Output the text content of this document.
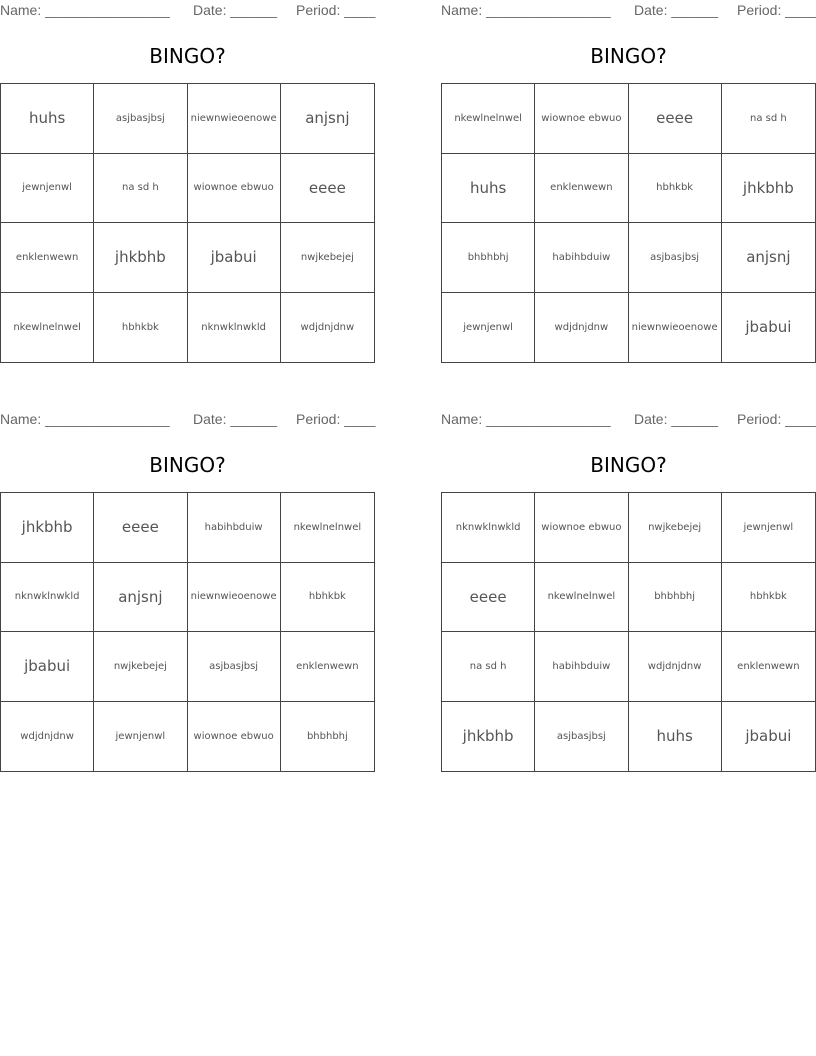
Name: ________________ Date: ______ Period: ____
BINGO?
huhs	asjbasjbsj	niewnwieoenowe	anjsnj
jewnjenwl	na sd h	wiownoe ebwuo	eeee
enklenwewn	jhkbhb	jbabui	nwjkebejej
nkewlnelnwel	hbhkbk	nknwklnwkld	wdjdnjdnw
Name: ________________ Date: ______ Period: ____
BINGO?
nkewlnelnwel	wiownoe ebwuo	eeee	na sd h
huhs	enklenwewn	hbhkbk	jhkbhb
bhbhbhj	habihbduiw	asjbasjbsj	anjsnj
jewnjenwl	wdjdnjdnw	niewnwieoenowe	jbabui
Name: ________________ Date: ______ Period: ____
BINGO?
jhkbhb	eeee	habihbduiw	nkewlnelnwel
nknwklnwkld	anjsnj	niewnwieoenowe	hbhkbk
jbabui	nwjkebejej	asjbasjbsj	enklenwewn
wdjdnjdnw	jewnjenwl	wiownoe ebwuo	bhbhbhj
Name: ________________ Date: ______ Period: ____
BINGO?
nknwklnwkld	wiownoe ebwuo	nwjkebejej	jewnjenwl
eeee	nkewlnelnwel	bhbhbhj	hbhkbk
na sd h	habihbduiw	wdjdnjdnw	enklenwewn
jhkbhb	asjbasjbsj	huhs	jbabui
